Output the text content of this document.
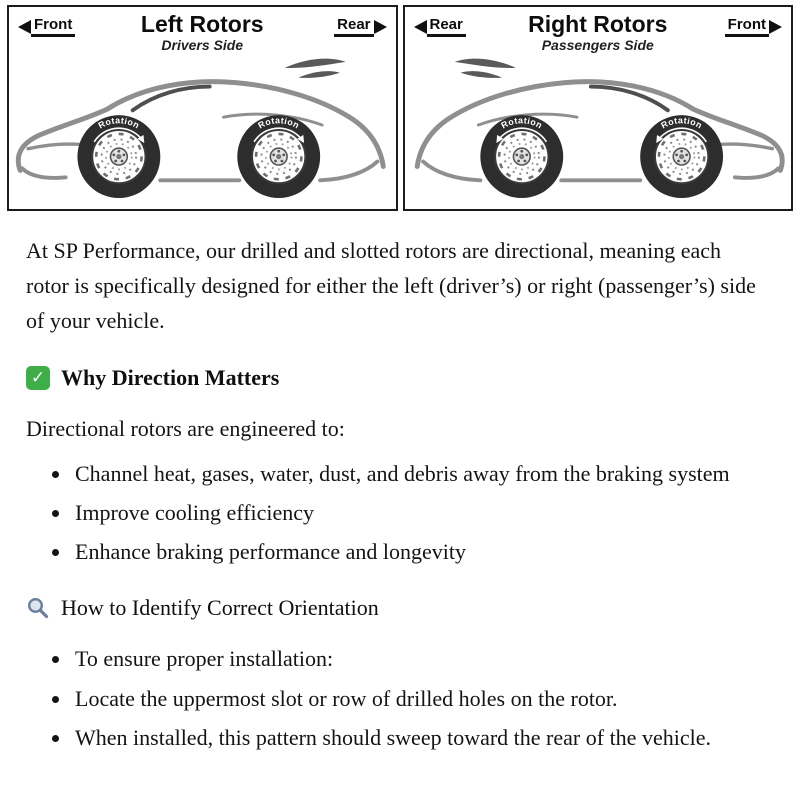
Front	Rear
Left Rotors
Drivers Side
Rotation	Rotation
Rear	Front
Right Rotors
Passengers Side
Rotation	Rotation

At SP Performance, our drilled and slotted rotors are directional, meaning each rotor is specifically designed for either the left (driver’s) or right (passenger’s) side of your vehicle.

✓ Why Direction Matters

Directional rotors are engineered to:

• Channel heat, gases, water, dust, and debris away from the braking system
• Improve cooling efficiency
• Enhance braking performance and longevity
How to Identify Correct Orientation
• To ensure proper installation:
• Locate the uppermost slot or row of drilled holes on the rotor.
• When installed, this pattern should sweep toward the rear of the vehicle.
